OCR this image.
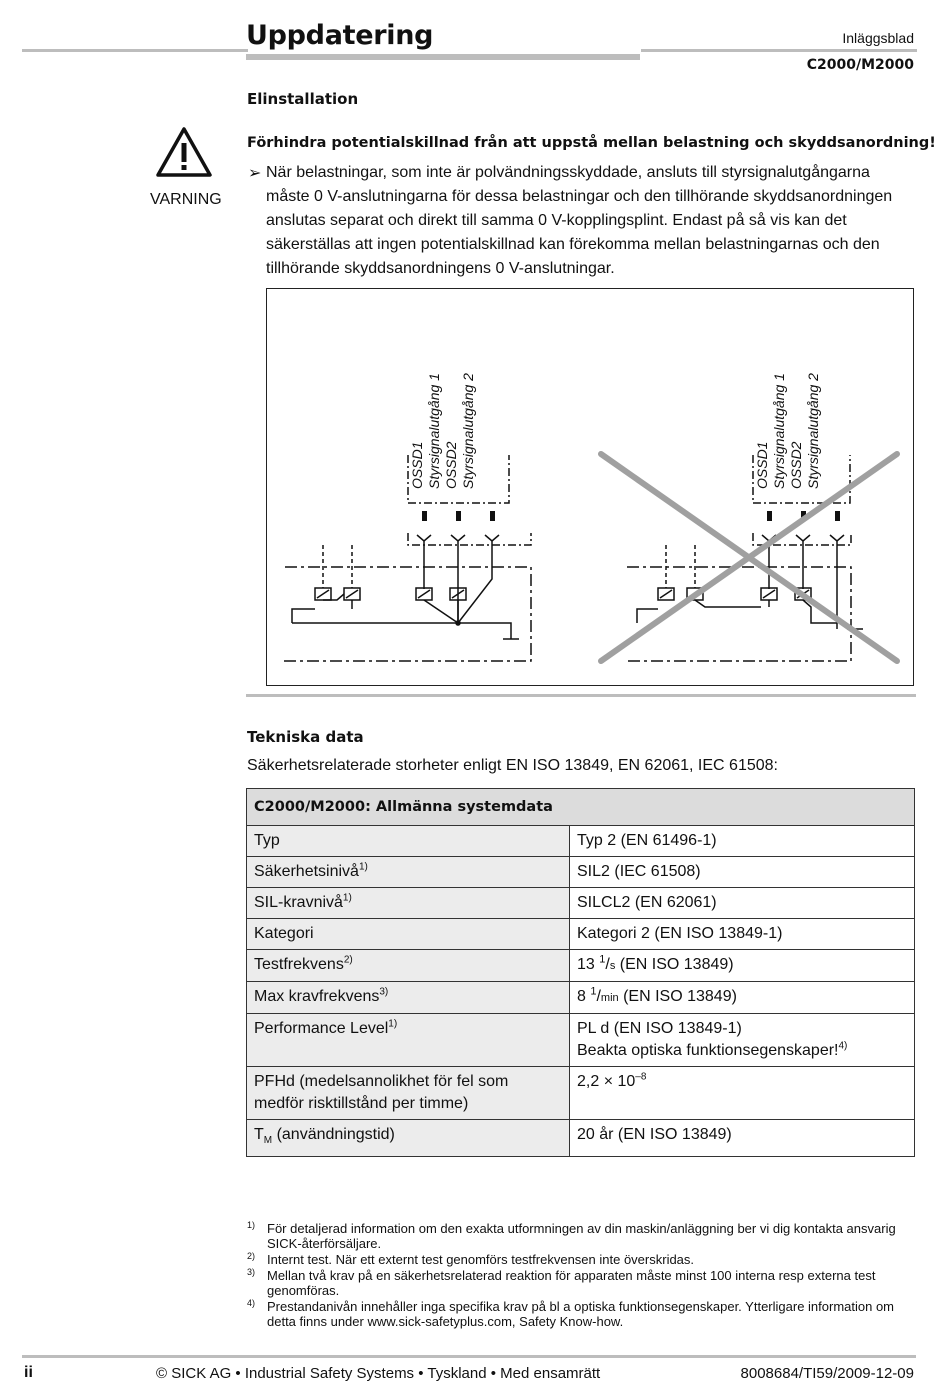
Uppdatering	Inläggsblad
C2000/M2000
Elinstallation
VARNING
Förhindra potentialskillnad från att uppstå mellan belastning och skyddsanordning!
➢ När belastningar, som inte är polvändningsskyddade, ansluts till styrsignalutgångarna måste 0 V-anslutningarna för dessa belastningar och den tillhörande skyddsanordningen anslutas separat och direkt till samma 0 V-kopplingsplint. Endast på så vis kan det säkerställas att ingen potentialskillnad kan förekomma mellan belastningarnas och den tillhörande skyddsanordningens 0 V-anslutningar.
OSSD1 Styrsignalutgång 1 OSSD2 Styrsignalutgång 2	OSSD1 Styrsignalutgång 1 OSSD2 Styrsignalutgång 2
Tekniska data
Säkerhetsrelaterade storheter enligt EN ISO 13849, EN 62061, IEC 61508:
C2000/M2000: Allmänna systemdata	
Typ	Typ 2 (EN 61496-1)
Säkerhetsinivå$^{1)}$	SIL2 (IEC 61508)
SIL-kravnivå$^{1)}$	SILCL2 (EN 62061)
Kategori	Kategori 2 (EN ISO 13849-1)
Testfrekvens$^{2)}$	13 $^1$/s (EN ISO 13849)
Max kravfrekvens$^{3)}$	8 $^1$/min (EN ISO 13849)
Performance Level$^{1)}$	PL d (EN ISO 13849-1)
Beakta optiska funktionsegenskaper!$^{4)}$
PFHd (medelsannolikhet för fel som medför risktillstånd per timme)	$2,2 \times 10^{-8}$
$T_M$ (användningstid)	20 år (EN ISO 13849)
1) För detaljerad information om den exakta utformningen av din maskin/anläggning ber vi dig kontakta ansvarig SICK-återförsäljare.
2) Internt test. När ett externt test genomförs testfrekvensen inte överskridas.
3) Mellan två krav på en säkerhetsrelaterad reaktion för apparaten måste minst 100 interna resp externa test genomföras.
4) Prestandanivån innehåller inga specifika krav på bl a optiska funktionsegenskaper. Ytterligare information om detta finns under www.sick-safetyplus.com, Safety Know-how.
ii	© SICK AG • Industrial Safety Systems • Tyskland • Med ensamrätt	8008684/TI59/2009-12-09
